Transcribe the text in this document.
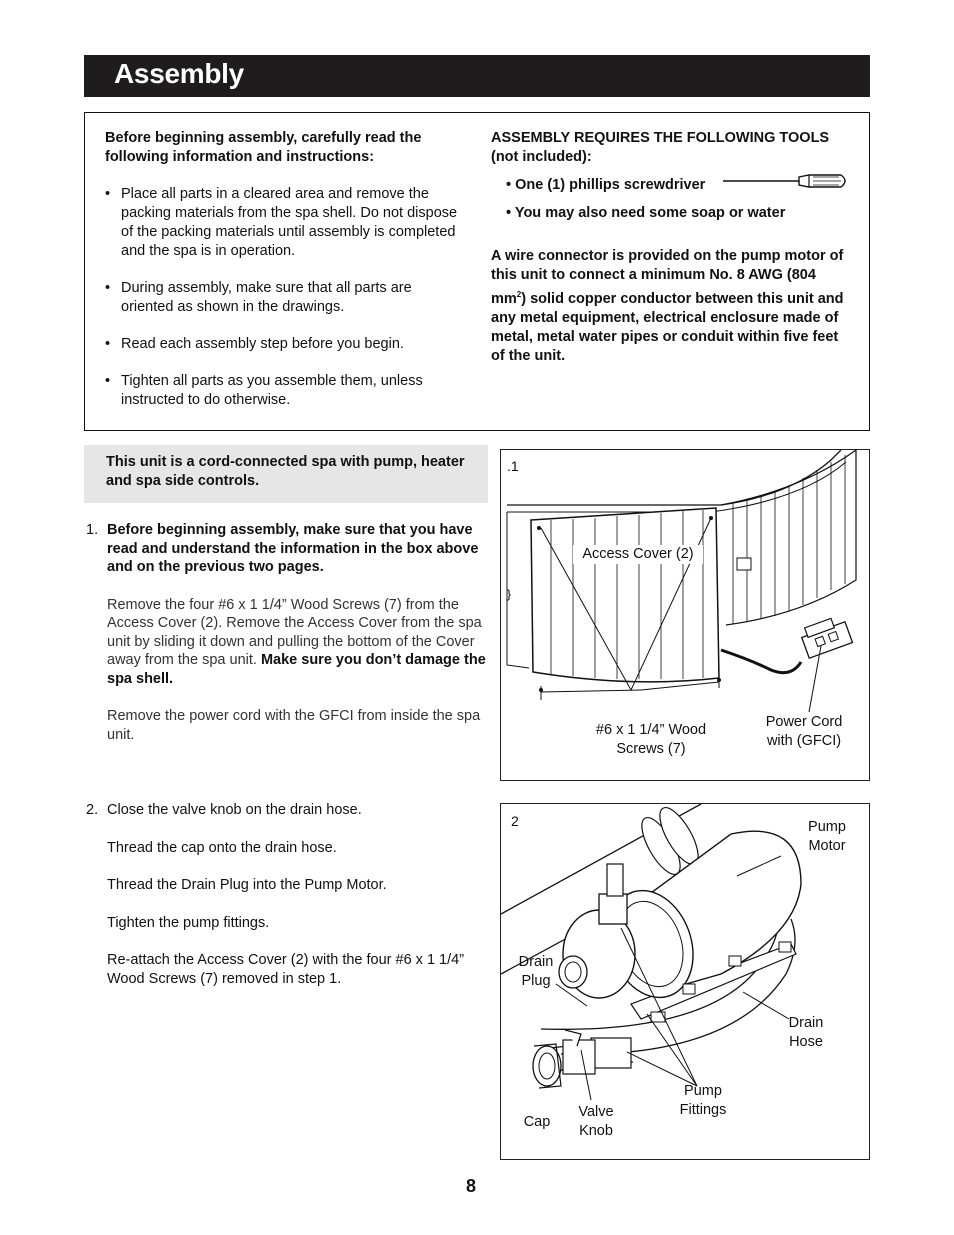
Assembly
Before beginning assembly, carefully read the following information and instructions:
• Place all parts in a cleared area and remove the packing materials from the spa shell. Do not dispose of the packing materials until assembly is completed and the spa is in operation.
• During assembly, make sure that all parts are oriented as shown in the drawings.
• Read each assembly step before you begin.
• Tighten all parts as you assemble them, unless instructed to do otherwise.
ASSEMBLY REQUIRES THE FOLLOWING TOOLS (not included):
• One (1) phillips screwdriver
• You may also need some soap or water
A wire connector is provided on the pump motor of this unit to connect a minimum No. 8 AWG (804 $mm^2$) solid copper conductor between this unit and any metal equipment, electrical enclosure made of metal, metal water pipes or conduit within five feet of the unit.

This unit is a cord-connected spa with pump, heater and spa side controls.

1. Before beginning assembly, make sure that you have read and understand the information in the box above and on the previous two pages.

Remove the four #6 x 1 1/4” Wood Screws (7) from the Access Cover (2). Remove the Access Cover from the spa unit by sliding it down and pulling the bottom of the Cover away from the spa unit. Make sure you don’t damage the spa shell.

Remove the power cord with the GFCI from inside the spa unit.

2. Close the valve knob on the drain hose.

Thread the cap onto the drain hose.

Thread the Drain Plug into the Pump Motor.

Tighten the pump fittings.

Re-attach the Access Cover (2) with the four #6 x 1 1/4” Wood Screws (7) removed in step 1.

}
.1
Access Cover (2)
#6 x 1 1/4” Wood Screws (7)
Power Cord with (GFCI)
2	Pump Motor
Drain Plug
Drain Hose
Pump Fittings
Valve Knob
Cap
8
